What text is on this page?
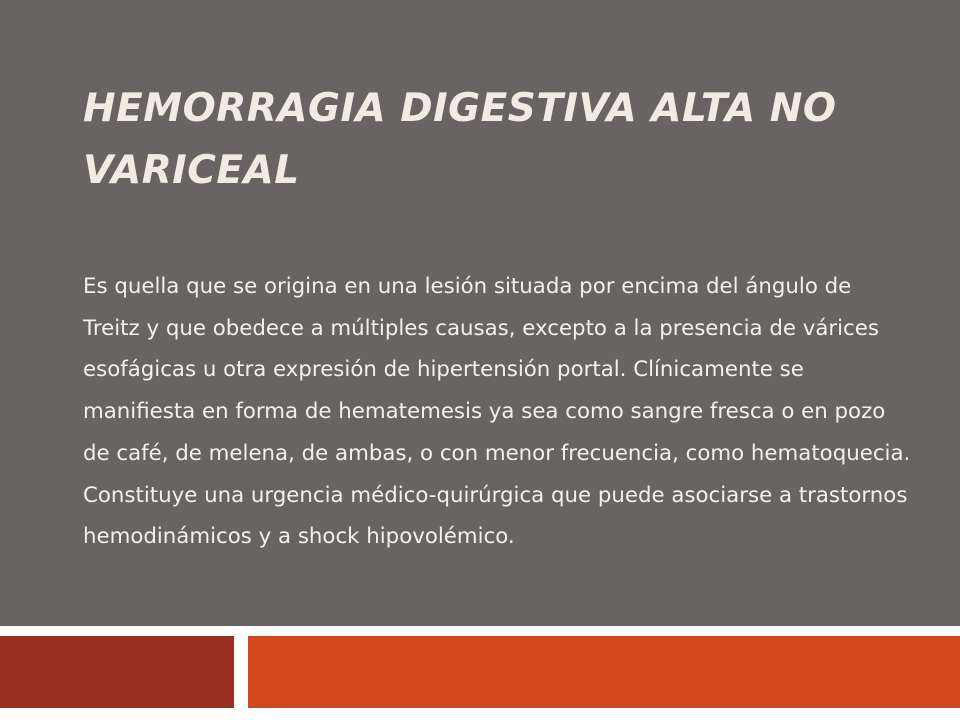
HEMORRAGIA DIGESTIVA ALTA NO VARICEAL

Es quella que se origina en una lesión situada por encima del ángulo de Treitz y que obedece a múltiples causas, excepto a la presencia de várices esofágicas u otra expresión de hipertensión portal. Clínicamente se manifiesta en forma de hematemesis ya sea como sangre fresca o en pozo de café, de melena, de ambas, o con menor frecuencia, como hematoquecia. Constituye una urgencia médico-quirúrgica que puede asociarse a trastornos hemodinámicos y a shock hipovolémico.
